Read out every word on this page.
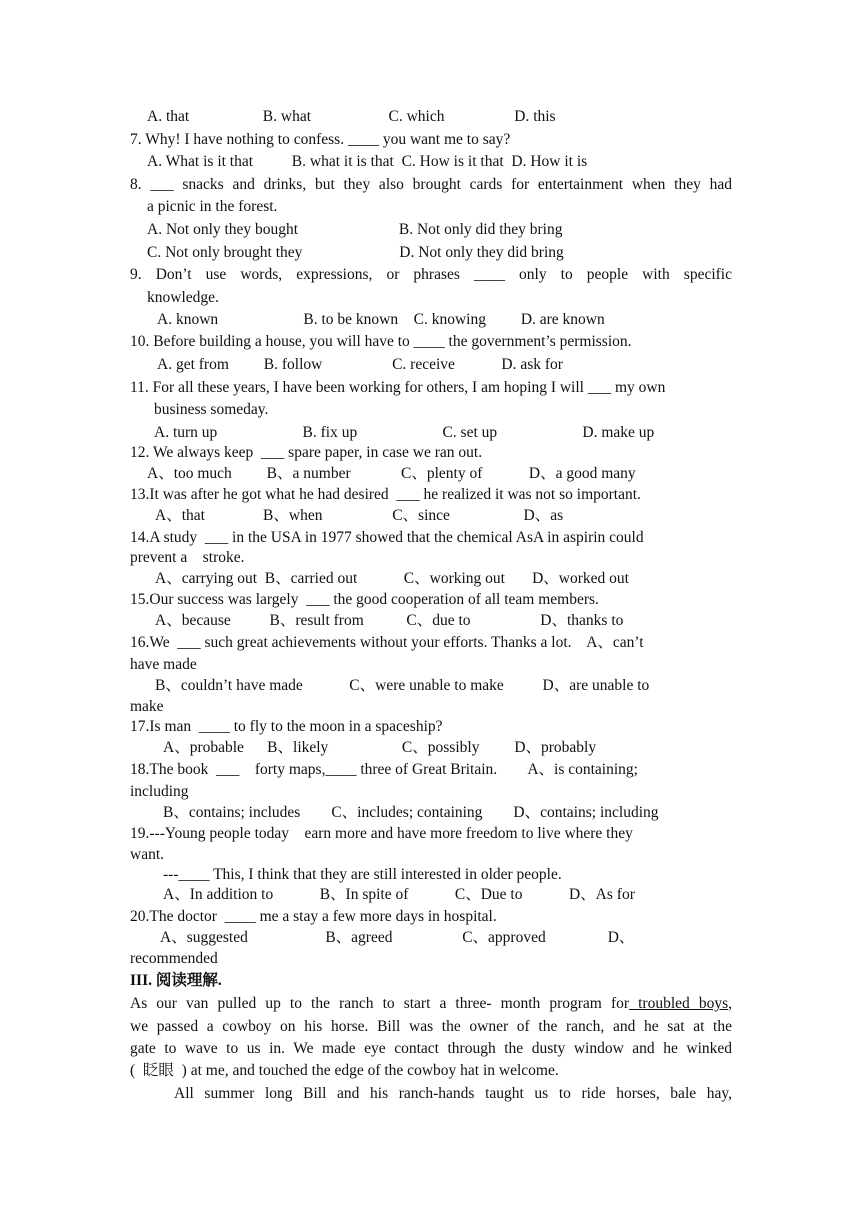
A. that                   B. what                    C. which                  D. this
7. Why! I have nothing to confess. ____ you want me to say?
A. What is it that          B. what it is that  C. How is it that  D. How it is
8. ___ snacks and drinks, but they also brought cards for entertainment when they had
a picnic in the forest.
A. Not only they bought                          B. Not only did they bring
C. Not only brought they                         D. Not only they did bring
9. Don’t use words, expressions, or phrases ____ only to people with specific
knowledge.
A. known                      B. to be known    C. knowing         D. are known
10. Before building a house, you will have to ____ the government’s permission.
A. get from         B. follow                  C. receive            D. ask for
11. For all these years, I have been working for others, I am hoping I will ___ my own
business someday.
A. turn up                      B. fix up                      C. set up                      D. make up
12. We always keep  ___ spare paper, in case we ran out.
A、too much         B、a number             C、plenty of            D、a good many
13.It was after he got what he had desired  ___ he realized it was not so important.
A、that               B、when                  C、since                   D、as
14.A study  ___ in the USA in 1977 showed that the chemical AsA in aspirin could
prevent a    stroke.
A、carrying out  B、carried out            C、working out       D、worked out
15.Our success was largely  ___ the good cooperation of all team members.
A、because          B、result from           C、due to                  D、thanks to
16.We  ___ such great achievements without your efforts. Thanks a lot.    A、can’t
have made
B、couldn’t have made            C、were unable to make          D、are unable to
make
17.Is man  ____ to fly to the moon in a spaceship?
A、probable      B、likely                   C、possibly         D、probably
18.The book  ___    forty maps,____ three of Great Britain.        A、is containing;
including
B、contains; includes        C、includes; containing        D、contains; including
19.---Young people today    earn more and have more freedom to live where they
want.
---____ This, I think that they are still interested in older people.
A、In addition to            B、In spite of            C、Due to            D、As for
20.The doctor  ____ me a stay a few more days in hospital.
A、suggested                    B、agreed                  C、approved                D、
recommended
III. 阅读理解.
As our van pulled up to the ranch to start a three- month program for troubled boys,
we passed a cowboy on his horse. Bill was the owner of the ranch, and he sat at the
gate to wave to us in. We made eye contact through the dusty window and he winked
(  眨眼  ) at me, and touched the edge of the cowboy hat in welcome.
All summer long Bill and his ranch-hands taught us to ride horses, bale hay,
